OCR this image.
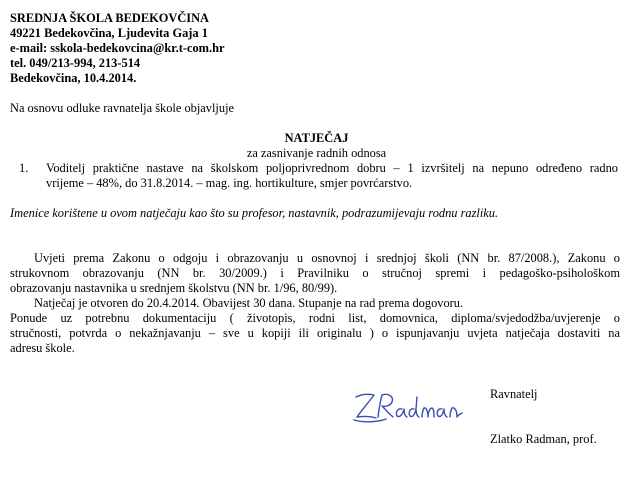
SREDNJA ŠKOLA BEDEKOVČINA
49221 Bedekovčina, Ljudevita Gaja 1
e-mail: sskola-bedekovcina@kr.t-com.hr
tel. 049/213-994, 213-514
Bedekovčina, 10.4.2014.
Na osnovu odluke ravnatelja škole objavljuje
NATJEČAJ
za zasnivanje radnih odnosa
1. Voditelj praktične nastave na školskom poljoprivrednom dobru – 1 izvršitelj na nepuno određeno radno
vrijeme – 48%, do 31.8.2014. – mag. ing. hortikulture, smjer povrćarstvo.
Imenice korištene u ovom natječaju kao što su profesor, nastavnik, podrazumijevaju rodnu razliku.
Uvjeti prema Zakonu o odgoju i obrazovanju u osnovnoj i srednjoj školi (NN br. 87/2008.), Zakonu o
strukovnom obrazovanju (NN br. 30/2009.) i Pravilniku o stručnoj spremi i pedagoško-psihološkom
obrazovanju nastavnika u srednjem školstvu (NN br. 1/96, 80/99).
Natječaj je otvoren do 20.4.2014. Obavijest 30 dana. Stupanje na rad prema dogovoru.
Ponude uz potrebnu dokumentaciju ( životopis, rodni list, domovnica, diploma/svjedodžba/uvjerenje o
stručnosti, potvrda o nekažnjavanju – sve u kopiji ili originalu ) o ispunjavanju uvjeta natječaja dostaviti na
adresu škole.
Ravnatelj
ZRadman
Zlatko Radman, prof.
